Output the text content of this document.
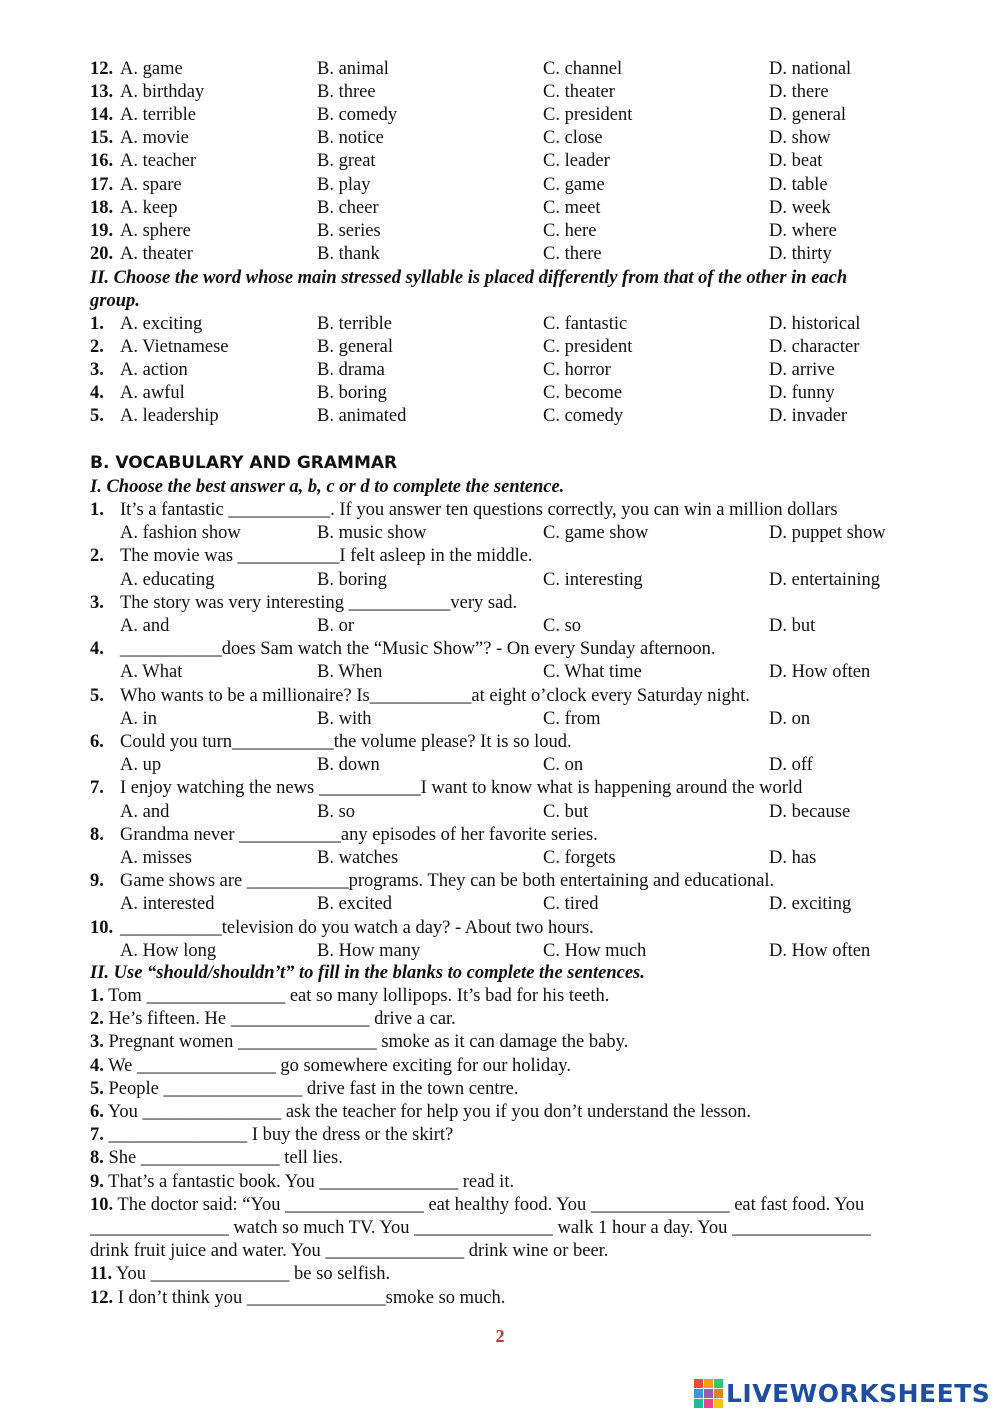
12. A. game	B. animal	C. channel	D. national
13. A. birthday	B. three	C. theater	D. there
14. A. terrible	B. comedy	C. president	D. general
15. A. movie	B. notice	C. close	D. show
16. A. teacher	B. great	C. leader	D. beat
17. A. spare	B. play	C. game	D. table
18. A. keep	B. cheer	C. meet	D. week
19. A. sphere	B. series	C. here	D. where
20. A. theater	B. thank	C. there	D. thirty
II. Choose the word whose main stressed syllable is placed differently from that of the other in each
group.
1. A. exciting	B. terrible	C. fantastic	D. historical
2. A. Vietnamese	B. general	C. president	D. character
3. A. action	B. drama	C. horror	D. arrive
4. A. awful	B. boring	C. become	D. funny
5. A. leadership	B. animated	C. comedy	D. invader
B. VOCABULARY AND GRAMMAR
I. Choose the best answer a, b, c or d to complete the sentence.
1. It’s a fantastic ___________. If you answer ten questions correctly, you can win a million dollars
A. fashion show	B. music show	C. game show	D. puppet show
2. The movie was ___________I felt asleep in the middle.
A. educating	B. boring	C. interesting	D. entertaining
3. The story was very interesting ___________very sad.
A. and	B. or	C. so	D. but
4. ___________does Sam watch the “Music Show”? - On every Sunday afternoon.
A. What	B. When	C. What time	D. How often
5. Who wants to be a millionaire? Is___________at eight o’clock every Saturday night.
A. in	B. with	C. from	D. on
6. Could you turn___________the volume please? It is so loud.
A. up	B. down	C. on	D. off
7. I enjoy watching the news ___________I want to know what is happening around the world
A. and	B. so	C. but	D. because
8. Grandma never ___________any episodes of her favorite series.
A. misses	B. watches	C. forgets	D. has
9. Game shows are ___________programs. They can be both entertaining and educational.
A. interested	B. excited	C. tired	D. exciting
10. ___________television do you watch a day? - About two hours.
A. How long	B. How many	C. How much	D. How often
II. Use “should/shouldn’t” to fill in the blanks to complete the sentences.
1. Tom _______________ eat so many lollipops. It’s bad for his teeth.
2. He’s fifteen. He _______________ drive a car.
3. Pregnant women _______________ smoke as it can damage the baby.
4. We _______________ go somewhere exciting for our holiday.
5. People _______________ drive fast in the town centre.
6. You _______________ ask the teacher for help you if you don’t understand the lesson.
7. _______________ I buy the dress or the skirt?
8. She _______________ tell lies.
9. That’s a fantastic book. You _______________ read it.
10. The doctor said: “You _______________ eat healthy food. You _______________ eat fast food. You
_______________ watch so much TV. You _______________ walk 1 hour a day. You _______________
drink fruit juice and water. You _______________ drink wine or beer.
11. You _______________ be so selfish.
12. I don’t think you _______________smoke so much.
2
LIVEWORKSHEETS
